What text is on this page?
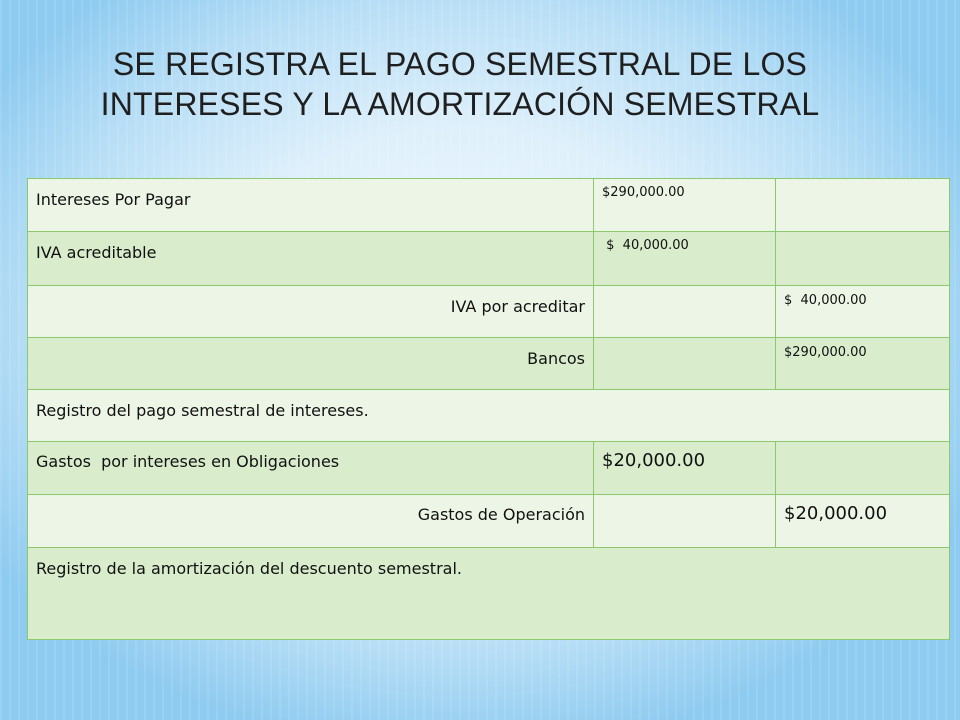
SE REGISTRA EL PAGO SEMESTRAL DE LOS
INTERESES Y LA AMORTIZACIÓN SEMESTRAL
Intereses Por Pagar	$290,000.00	
IVA acreditable	$  40,000.00	
IVA por acreditar		$  40,000.00
Bancos		$290,000.00
Registro del pago semestral de intereses.		
Gastos  por intereses en Obligaciones	$20,000.00	
Gastos de Operación		$20,000.00
Registro de la amortización del descuento semestral.		
